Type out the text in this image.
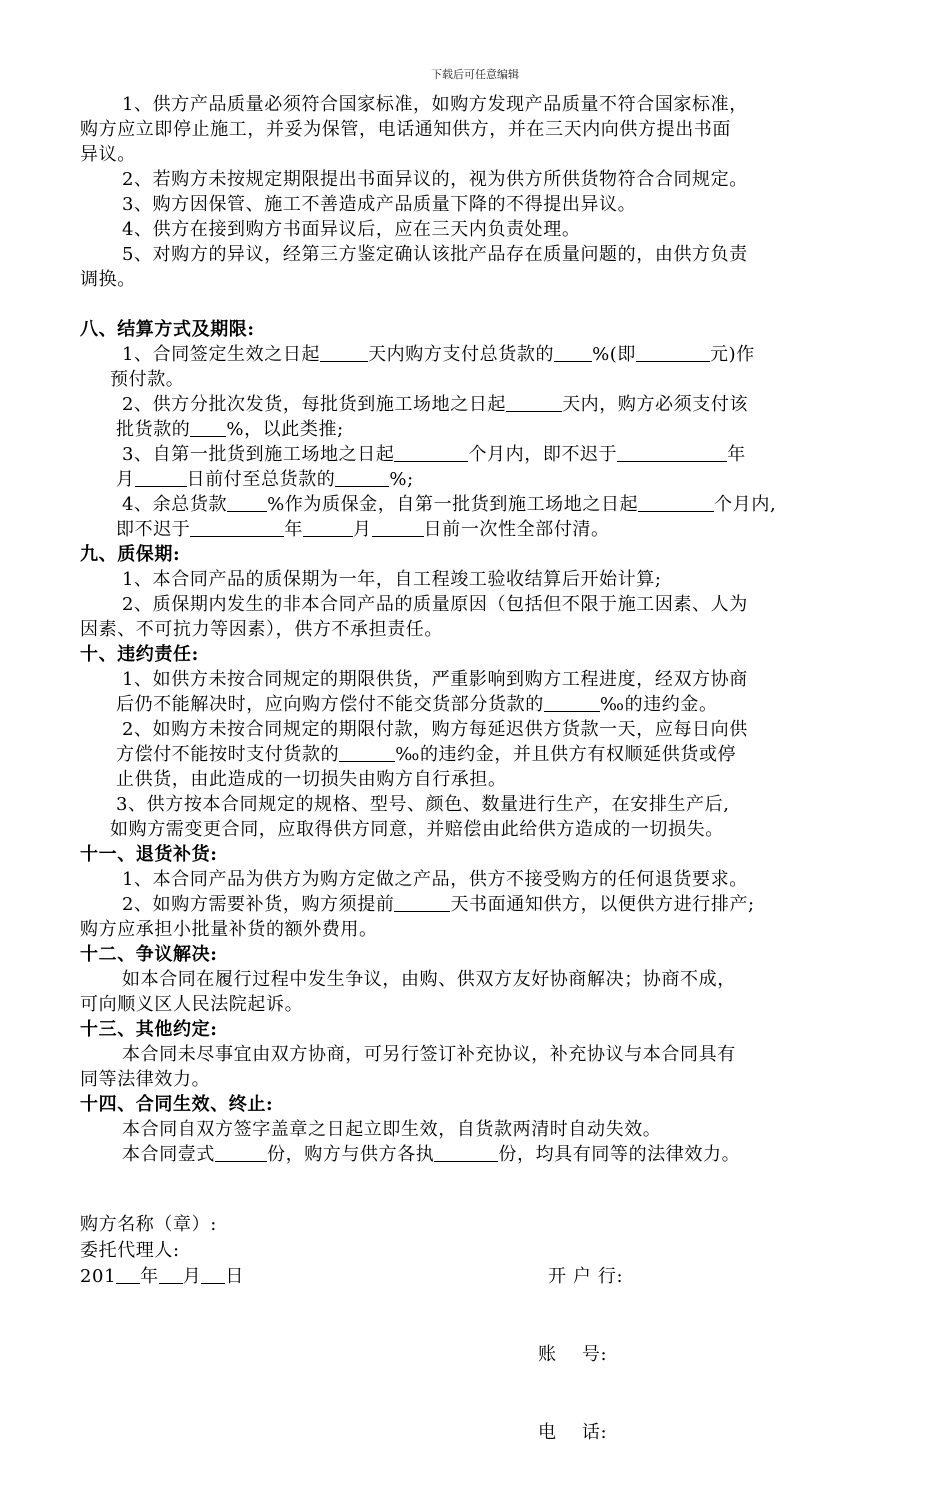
下载后可任意编辑

1、供方产品质量必须符合国家标准，如购方发现产品质量不符合国家标准，

购方应立即停止施工，并妥为保管，电话通知供方，并在三天内向供方提出书面

异议。

2、若购方未按规定期限提出书面异议的，视为供方所供货物符合合同规定。

3、购方因保管、施工不善造成产品质量下降的不得提出异议。

4、供方在接到购方书面异议后，应在三天内负责处理。

5、对购方的异议，经第三方鉴定确认该批产品存在质量问题的，由供方负责

调换。

八、结算方式及期限:

1、合同签定生效之日起	天内购方支付总货款的 %(即	元)作

预付款。

2、供方分批次发货，每批货到施工场地之日起	天内，购方必须支付该

批货款的 %，以此类推;

3、自第一批货到施工场地之日起	个月内，即不迟于	年

月	日前付至总货款的	%;

4、余总货款 %作为质保金，自第一批货到施工场地之日起	个月内,

即不迟于	年	月	日前一次性全部付清。

九、质保期:

1、本合同产品的质保期为一年，自工程竣工验收结算后开始计算;

2、质保期内发生的非本合同产品的质量原因（包括但不限于施工因素、人为

因素、不可抗力等因素），供方不承担责任。

十、违约责任:

1、如供方未按合同规定的期限供货，严重影响到购方工程进度，经双方协商

后仍不能解决时，应向购方偿付不能交货部分货款的	‰的违约金。

2、如购方未按合同规定的期限付款，购方每延迟供方货款一天，应每日向供

方偿付不能按时支付货款的	‰的违约金，并且供方有权顺延供货或停

止供货，由此造成的一切损失由购方自行承担。

3、供方按本合同规定的规格、型号、颜色、数量进行生产，在安排生产后,

如购方需变更合同，应取得供方同意，并赔偿由此给供方造成的一切损失。

十一、退货补货:

1、本合同产品为供方为购方定做之产品，供方不接受购方的任何退货要求。

2、如购方需要补货，购方须提前	天书面通知供方，以便供方进行排产;

购方应承担小批量补货的额外费用。

十二、争议解决:

如本合同在履行过程中发生争议，由购、供双方友好协商解决；协商不成，

可向顺义区人民法院起诉。

十三、其他约定:

本合同未尽事宜由双方协商，可另行签订补充协议，补充协议与本合同具有

同等法律效力。

十四、合同生效、终止:

本合同自双方签字盖章之日起立即生效，自货款两清时自动失效。

本合同壹式	份，购方与供方各执	份，均具有同等的法律效力。

购方名称（章）:
委托代理人:
201 年 月 日

	开 户 行:

账    号:

电    话:
